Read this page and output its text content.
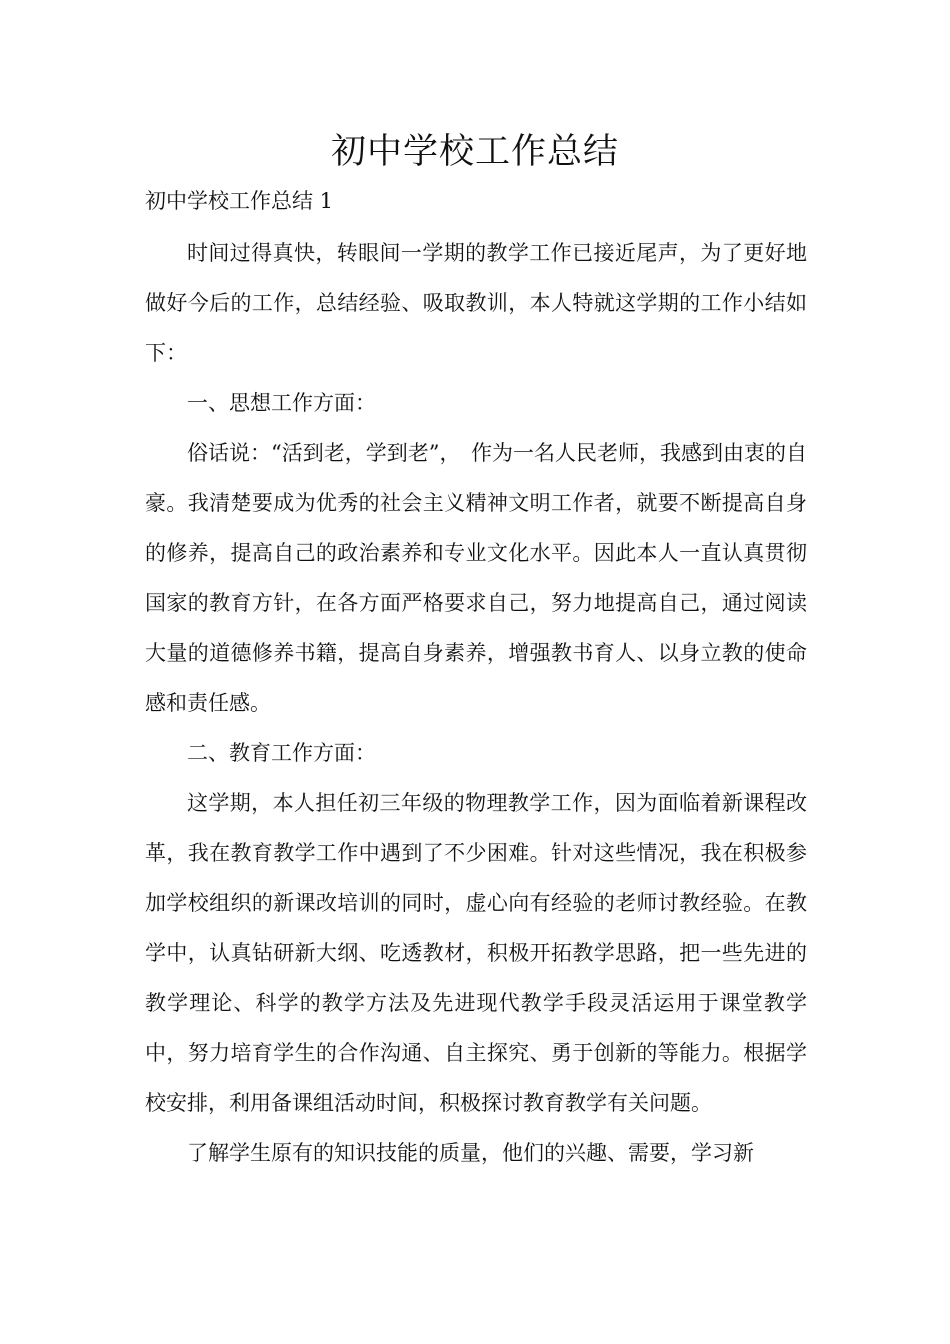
初中学校工作总结

初中学校工作总结 1

时间过得真快，转眼间一学期的教学工作已接近尾声，为了更好地做好今后的工作，总结经验、吸取教训，本人特就这学期的工作小结如下：

一、思想工作方面：

俗话说：“活到老，学到老”，　作为一名人民老师，我感到由衷的自豪。我清楚要成为优秀的社会主义精神文明工作者，就要不断提高自身的修养，提高自己的政治素养和专业文化水平。因此本人一直认真贯彻国家的教育方针，在各方面严格要求自己，努力地提高自己，通过阅读大量的道德修养书籍，提高自身素养，增强教书育人、以身立教的使命感和责任感。

二、教育工作方面：

这学期，本人担任初三年级的物理教学工作，因为面临着新课程改革，我在教育教学工作中遇到了不少困难。针对这些情况，我在积极参加学校组织的新课改培训的同时，虚心向有经验的老师讨教经验。在教学中，认真钻研新大纲、吃透教材，积极开拓教学思路，把一些先进的教学理论、科学的教学方法及先进现代教学手段灵活运用于课堂教学中，努力培育学生的合作沟通、自主探究、勇于创新的等能力。根据学校安排，利用备课组活动时间，积极探讨教育教学有关问题。

了解学生原有的知识技能的质量，他们的兴趣、需要，学习新
